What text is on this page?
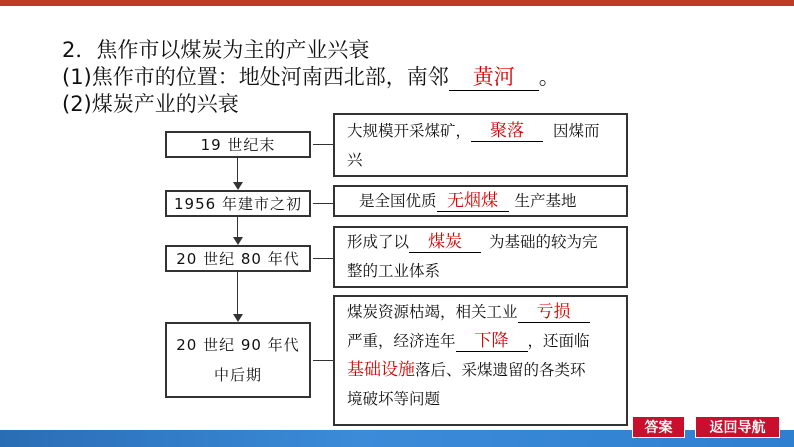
2．焦作市以煤炭为主的产业兴衰
(1)焦作市的位置：地处河南西北部，南邻 黄河 。
(2)煤炭产业的兴衰
19 世纪末
1956 年建市之初
20 世纪 80 年代
20 世纪 90 年代
中后期
大规模开采煤矿， 聚落 因煤而
兴
是全国优质 无烟煤 生产基地
形成了以 煤炭 为基础的较为完
整的工业体系
煤炭资源枯竭，相关工业 亏损
严重，经济连年 下降 ，还面临
基础设施落后、采煤遗留的各类环
境破坏等问题
答案	返回导航
